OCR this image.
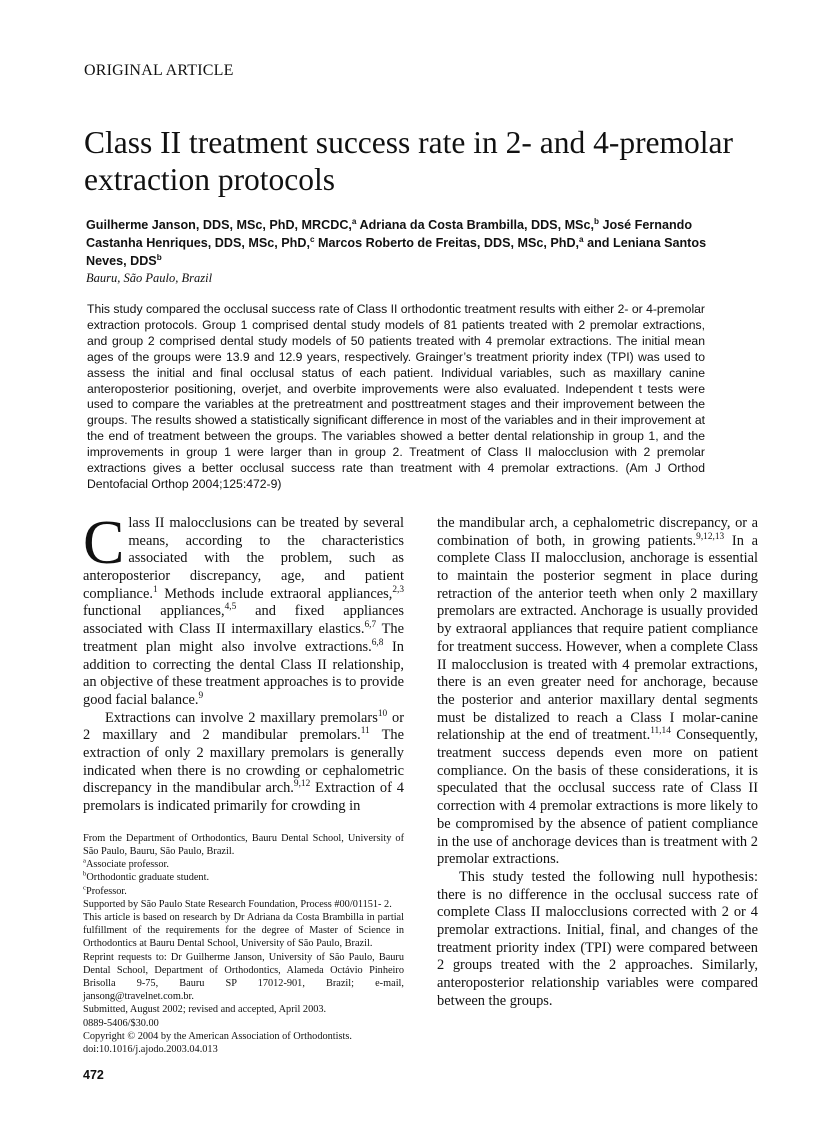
ORIGINAL ARTICLE
Class II treatment success rate in 2- and 4-premolar extraction protocols
Guilherme Janson, DDS, MSc, PhD, MRCDC,$^a$ Adriana da Costa Brambilla, DDS, MSc,$^b$ José Fernando Castanha Henriques, DDS, MSc, PhD,$^c$ Marcos Roberto de Freitas, DDS, MSc, PhD,$^a$ and Leniana Santos Neves, DDS$^b$
Bauru, São Paulo, Brazil
This study compared the occlusal success rate of Class II orthodontic treatment results with either 2- or 4-premolar extraction protocols. Group 1 comprised dental study models of 81 patients treated with 2 premolar extractions, and group 2 comprised dental study models of 50 patients treated with 4 premolar extractions. The initial mean ages of the groups were 13.9 and 12.9 years, respectively. Grainger’s treatment priority index (TPI) was used to assess the initial and final occlusal status of each patient. Individual variables, such as maxillary canine anteroposterior positioning, overjet, and overbite improvements were also evaluated. Independent t tests were used to compare the variables at the pretreatment and posttreatment stages and their improvement between the groups. The results showed a statistically significant difference in most of the variables and in their improvement at the end of treatment between the groups. The variables showed a better dental relationship in group 1, and the improvements in group 1 were larger than in group 2. Treatment of Class II malocclusion with 2 premolar extractions gives a better occlusal success rate than treatment with 4 premolar extractions. (Am J Orthod Dentofacial Orthop 2004;125:472-9)

Class II malocclusions can be treated by several means, according to the characteristics associated with the problem, such as anteroposterior discrepancy, age, and patient compliance.$^1$ Methods include extraoral appliances,$^{2,3}$ functional appliances,$^{4,5}$ and fixed appliances associated with Class II intermaxillary elastics.$^{6,7}$ The treatment plan might also involve extractions.$^{6,8}$ In addition to correcting the dental Class II relationship, an objective of these treatment approaches is to provide good facial balance.$^9$

Extractions can involve 2 maxillary premolars$^{10}$ or 2 maxillary and 2 mandibular premolars.$^{11}$ The extraction of only 2 maxillary premolars is generally indicated when there is no crowding or cephalometric discrepancy in the mandibular arch.$^{9,12}$ Extraction of 4 premolars is indicated primarily for crowding in

From the Department of Orthodontics, Bauru Dental School, University of São Paulo, Bauru, São Paulo, Brazil.
$^a$Associate professor.
$^b$Orthodontic graduate student.
$^c$Professor.
Supported by São Paulo State Research Foundation, Process #00/01151- 2.
This article is based on research by Dr Adriana da Costa Brambilla in partial fulfillment of the requirements for the degree of Master of Science in Orthodontics at Bauru Dental School, University of São Paulo, Brazil.
Reprint requests to: Dr Guilherme Janson, University of São Paulo, Bauru Dental School, Department of Orthodontics, Alameda Octávio Pinheiro Brisolla 9-75, Bauru SP 17012-901, Brazil; e-mail, jansong@travelnet.com.br.
Submitted, August 2002; revised and accepted, April 2003.
0889-5406/$30.00
Copyright © 2004 by the American Association of Orthodontists.
doi:10.1016/j.ajodo.2003.04.013
472

the mandibular arch, a cephalometric discrepancy, or a combination of both, in growing patients.$^{9,12,13}$ In a complete Class II malocclusion, anchorage is essential to maintain the posterior segment in place during retraction of the anterior teeth when only 2 maxillary premolars are extracted. Anchorage is usually provided by extraoral appliances that require patient compliance for treatment success. However, when a complete Class II malocclusion is treated with 4 premolar extractions, there is an even greater need for anchorage, because the posterior and anterior maxillary dental segments must be distalized to reach a Class I molar-canine relationship at the end of treatment.$^{11,14}$ Consequently, treatment success depends even more on patient compliance. On the basis of these considerations, it is speculated that the occlusal success rate of Class II correction with 4 premolar extractions is more likely to be compromised by the absence of patient compliance in the use of anchorage devices than is treatment with 2 premolar extractions.

This study tested the following null hypothesis: there is no difference in the occlusal success rate of complete Class II malocclusions corrected with 2 or 4 premolar extractions. Initial, final, and changes of the treatment priority index (TPI) were compared between 2 groups treated with the 2 approaches. Similarly, anteroposterior relationship variables were compared between the groups.
